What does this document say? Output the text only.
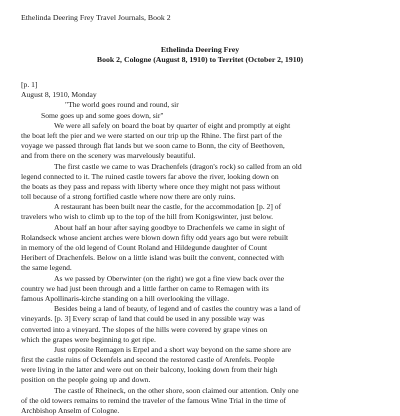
Ethelinda Deering Frey Travel Journals, Book 2
Ethelinda Deering Frey
Book 2, Cologne (August 8, 1910) to Territet (October 2, 1910)
[p. 1]
August 8, 1910, Monday
"The world goes round and round, sir
Some goes up and some goes down, sir"
We were all safely on board the boat by quarter of eight and promptly at eight
the boat left the pier and we were started on our trip up the Rhine. The first part of the
voyage we passed through flat lands but we soon came to Bonn, the city of Beethoven,
and from there on the scenery was marvelously beautiful.
The first castle we came to was Drachenfels (dragon's rock) so called from an old
legend connected to it. The ruined castle towers far above the river, looking down on
the boats as they pass and repass with liberty where once they might not pass without
toll because of a strong fortified castle where now there are only ruins.
A restaurant has been built near the castle, for the accommodation [p. 2] of
travelers who wish to climb up to the top of the hill from Konigswinter, just below.
About half an hour after saying goodbye to Drachenfels we came in sight of
Rolandseck whose ancient arches were blown down fifty odd years ago but were rebuilt
in memory of the old legend of Count Roland and Hildegunde daughter of Count
Heribert of Drachenfels. Below on a little island was built the convent, connected with
the same legend.
As we passed by Oberwinter (on the right) we got a fine view back over the
country we had just been through and a little farther on came to Remagen with its
famous Apollinaris-kirche standing on a hill overlooking the village.
Besides being a land of beauty, of legend and of castles the country was a land of
vineyards. [p. 3] Every scrap of land that could be used in any possible way was
converted into a vineyard. The slopes of the hills were covered by grape vines on
which the grapes were beginning to get ripe.
Just opposite Remagen is Erpel and a short way beyond on the same shore are
first the castle ruins of Ockenfels and second the restored castle of Arenfels. People
were living in the latter and were out on their balcony, looking down from their high
position on the people going up and down.
The castle of Rheineck, on the other shore, soon claimed our attention. Only one
of the old towers remains to remind the traveler of the famous Wine Trial in the time of
Archbishop Anselm of Cologne.
